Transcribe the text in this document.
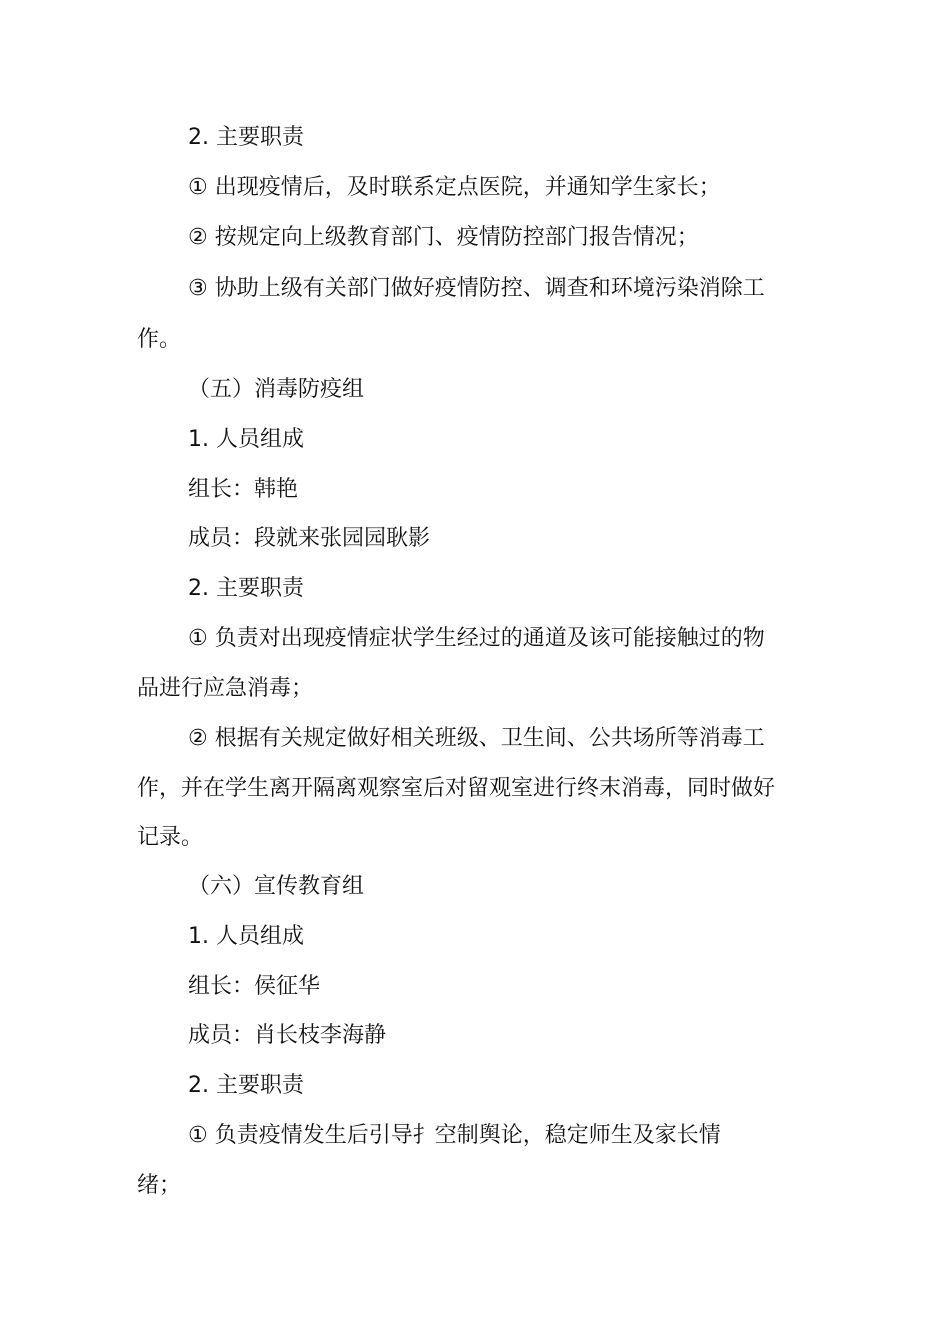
2. 主要职责
① 出现疫情后，及时联系定点医院，并通知学生家长；
② 按规定向上级教育部门、疫情防控部门报告情况；
③ 协助上级有关部门做好疫情防控、调查和环境污染消除工
作。
（五）消毒防疫组
1. 人员组成
组长：韩艳
成员：段就来张园园耿影
2. 主要职责
① 负责对出现疫情症状学生经过的通道及该可能接触过的物
品进行应急消毒；
② 根据有关规定做好相关班级、卫生间、公共场所等消毒工
作，并在学生离开隔离观察室后对留观室进行终末消毒，同时做好
记录。
（六）宣传教育组
1. 人员组成
组长：侯征华
成员：肖长枝李海静
2. 主要职责
① 负责疫情发生后引导扌空制舆论，稳定师生及家长情
绪；
